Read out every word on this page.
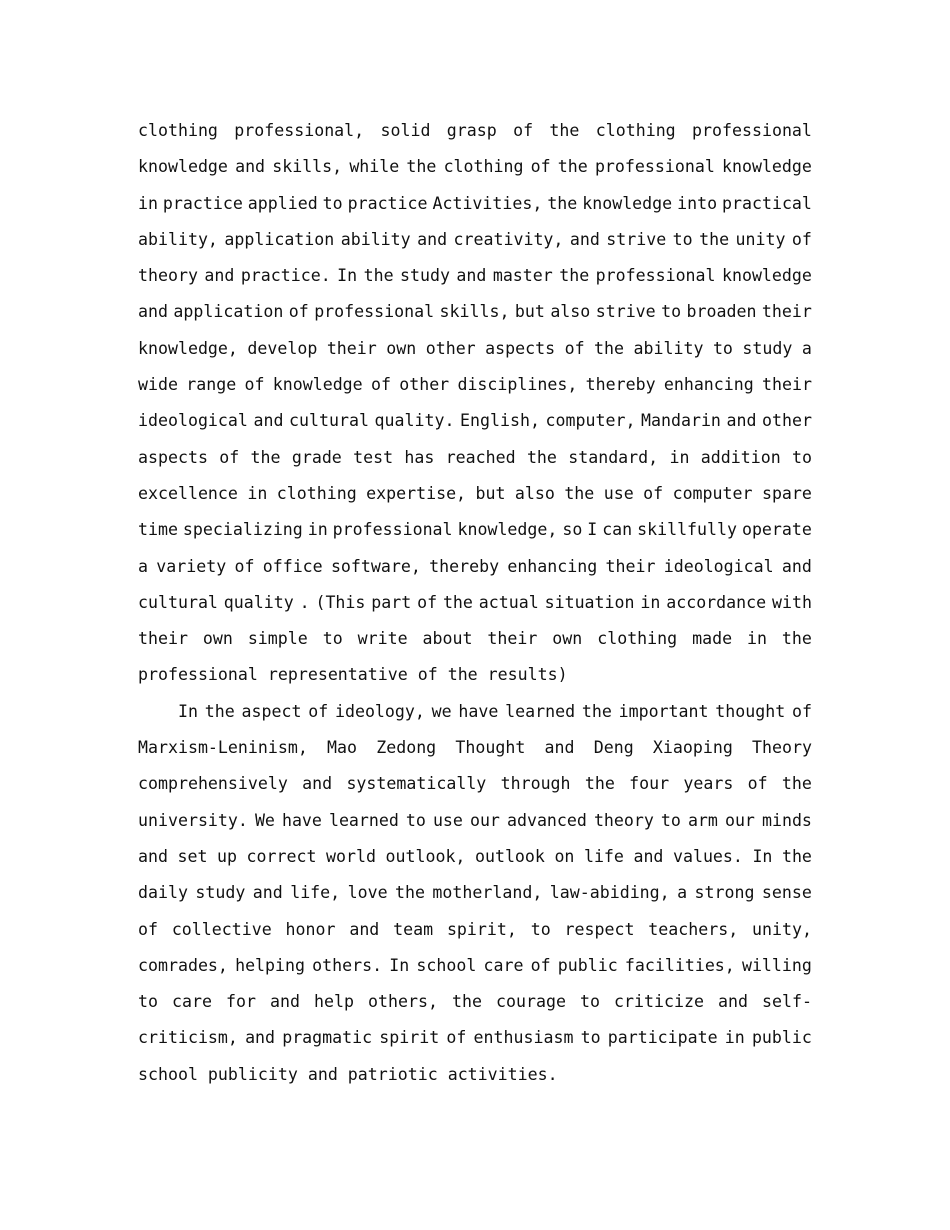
clothing professional, solid grasp of the clothing professional
knowledge and skills, while the clothing of the professional knowledge
in practice applied to practice Activities, the knowledge into practical
ability, application ability and creativity, and strive to the unity of
theory and practice. In the study and master the professional knowledge
and application of professional skills, but also strive to broaden their
knowledge, develop their own other aspects of the ability to study a
wide range of knowledge of other disciplines, thereby enhancing their
ideological and cultural quality. English, computer, Mandarin and other
aspects of the grade test has reached the standard, in addition to
excellence in clothing expertise, but also the use of computer spare
time specializing in professional knowledge, so I can skillfully operate
a variety of office software, thereby enhancing their ideological and
cultural quality . (This part of the actual situation in accordance with
their own simple to write about their own clothing made in the
professional representative of the results)
In the aspect of ideology, we have learned the important thought of
Marxism-Leninism, Mao Zedong Thought and Deng Xiaoping Theory
comprehensively and systematically through the four years of the
university. We have learned to use our advanced theory to arm our minds
and set up correct world outlook, outlook on life and values. In the
daily study and life, love the motherland, law-abiding, a strong sense
of collective honor and team spirit, to respect teachers, unity,
comrades, helping others. In school care of public facilities, willing
to care for and help others, the courage to criticize and self-
criticism, and pragmatic spirit of enthusiasm to participate in public
school publicity and patriotic activities.
